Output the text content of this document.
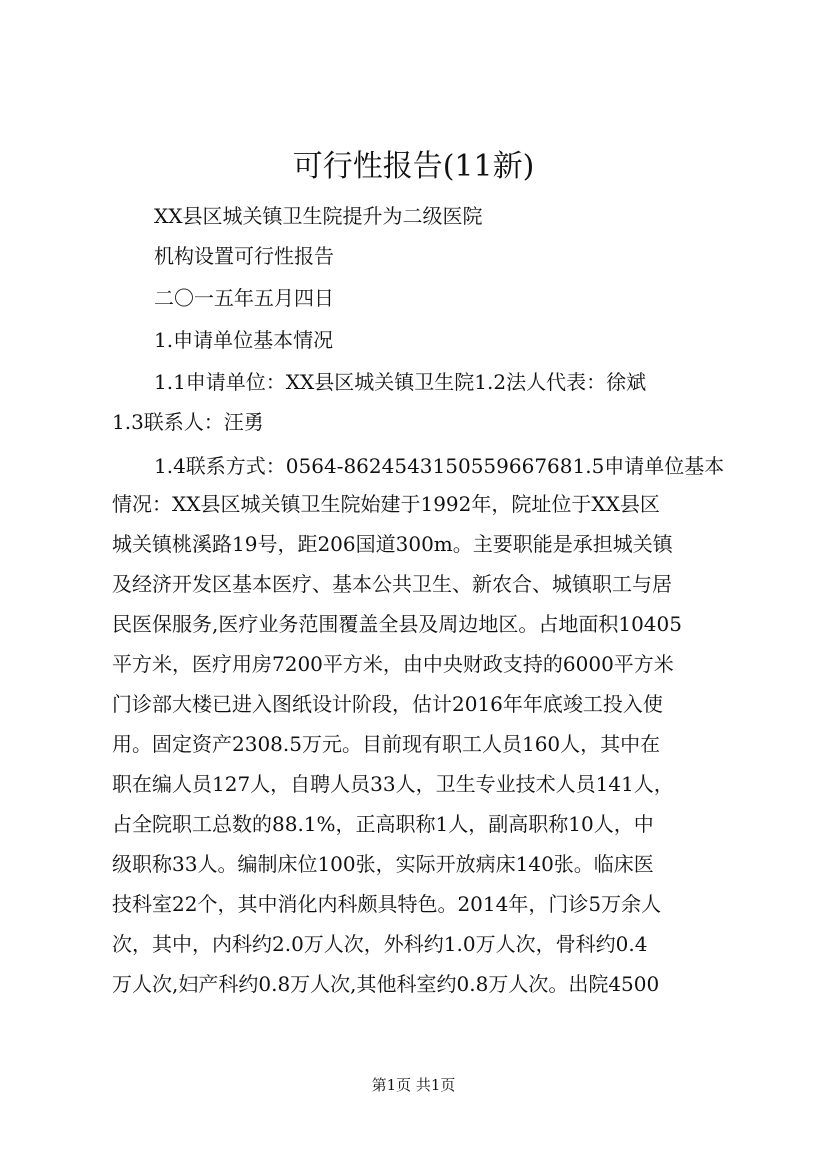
可行性报告(11新)
XX县区城关镇卫生院提升为二级医院
机构设置可行性报告
二〇一五年五月四日
1.申请单位基本情况
1.1申请单位：XX县区城关镇卫生院1.2法人代表：徐斌
1.3联系人：汪勇
1.4联系方式：0564-86245431505596676​81.5申请单位基本
情况：XX县区城关镇卫生院始建于1992年，院址位于XX县区
城关镇桃溪路19号，距206国道300m。主要职能是承担城关镇
及经济开发区基本医疗、基本公共卫生、新农合、城镇职工与居
民医保服务,医疗业务范围覆盖全县及周边地区。占地面积10405
平方米，医疗用房7200平方米，由中央财政支持的6000平方米
门诊部大楼已进入图纸设计阶段，估计2016年年底竣工投入使
用。固定资产2308.5万元。目前现有职工人员160人，其中在
职在编人员127人，自聘人员33人，卫生专业技术人员141人，
占全院职工总数的88.1%，正高职称1人，副高职称10人，中
级职称33人。编制床位100张，实际开放病床140张。临床医
技科室22个，其中消化内科颇具特色。2014年，门诊5万余人
次，其中，内科约2.0万人次，外科约1.0万人次，骨科约0.4
万人次,妇产科约0.8万人次,其他科室约0.8万人次。出院4500
第1页 共1页
